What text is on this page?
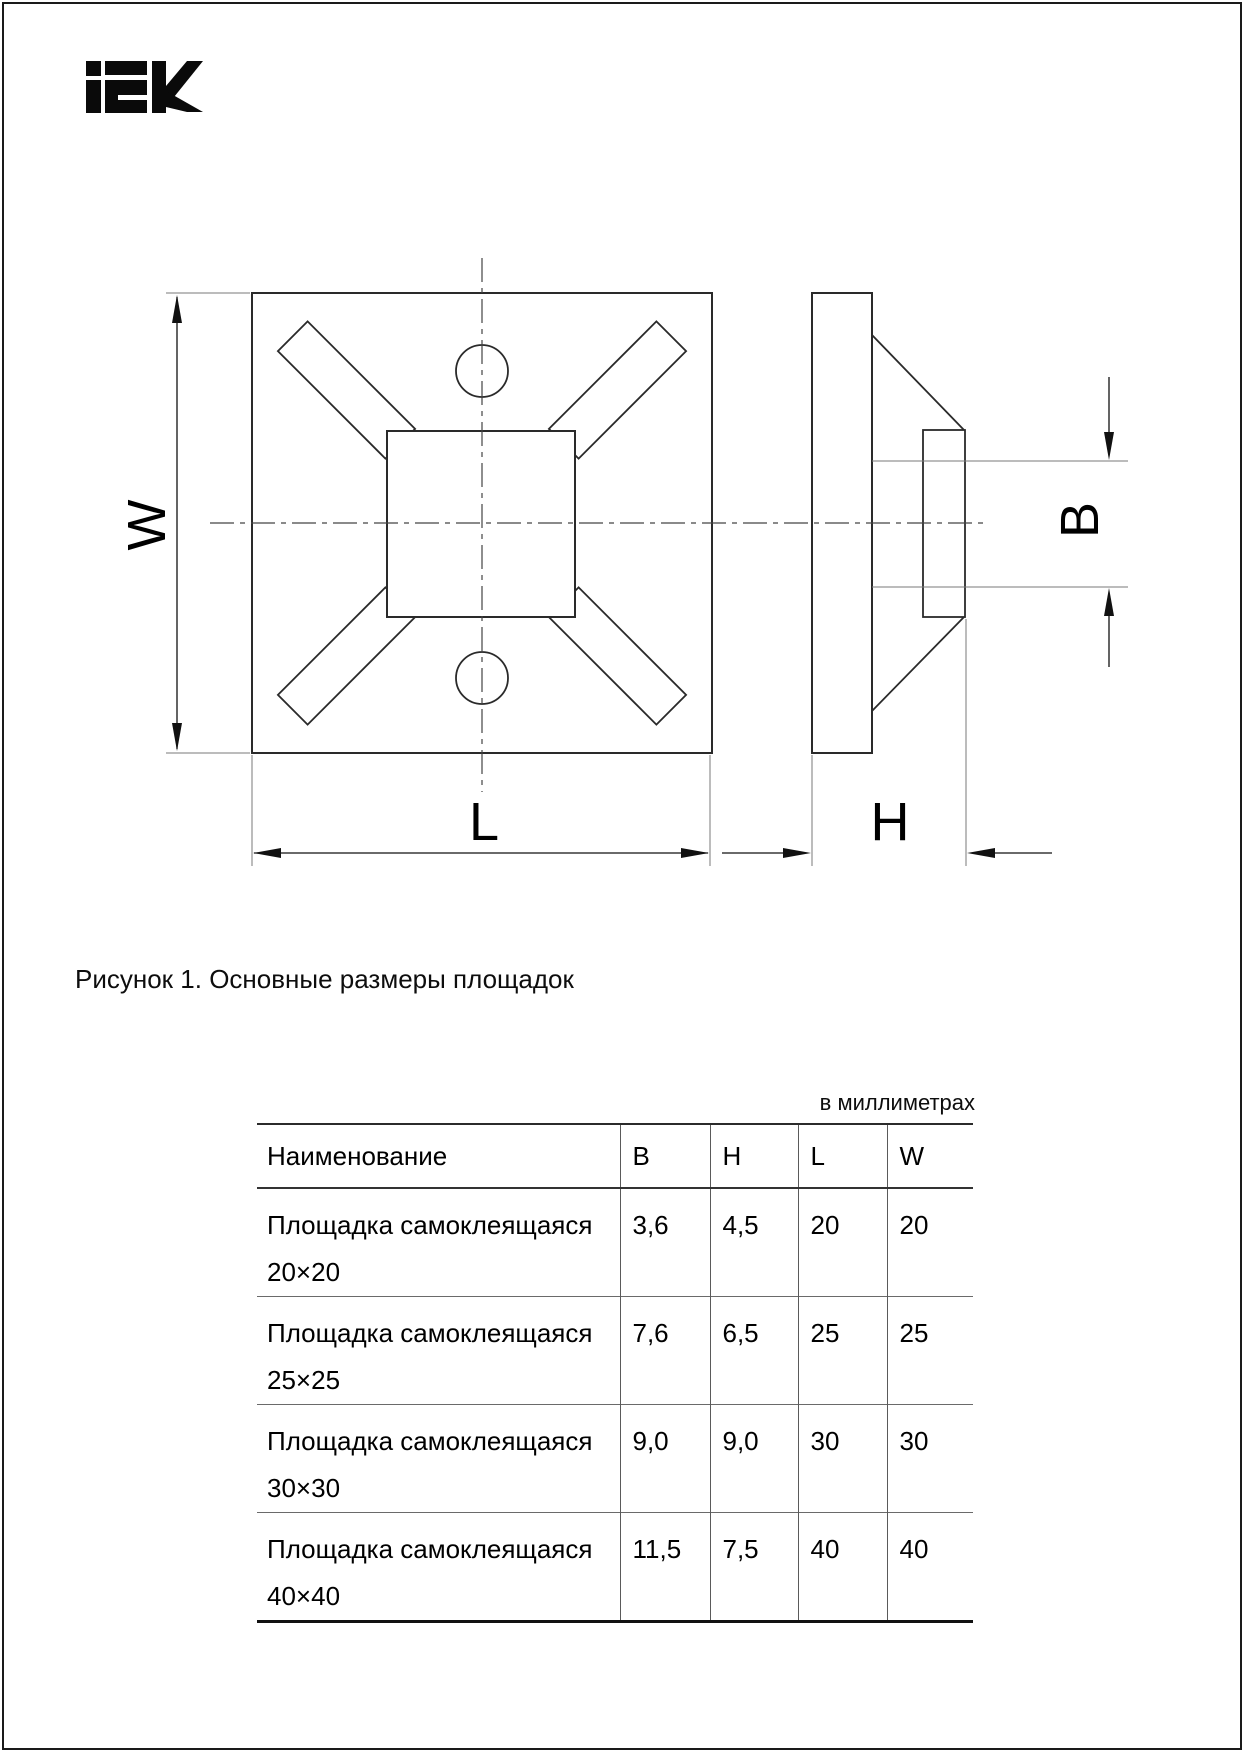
W
L	H
B
Рисунок 1. Основные размеры площадок
в миллиметрах
Наименование	B	H	L	W

Площадка самоклеящаяся
20×20	3,6	4,5	20	20

Площадка самоклеящаяся
25×25	7,6	6,5	25	25

Площадка самоклеящаяся
30×30	9,0	9,0	30	30

Площадка самоклеящаяся
40×40	11,5	7,5	40	40
